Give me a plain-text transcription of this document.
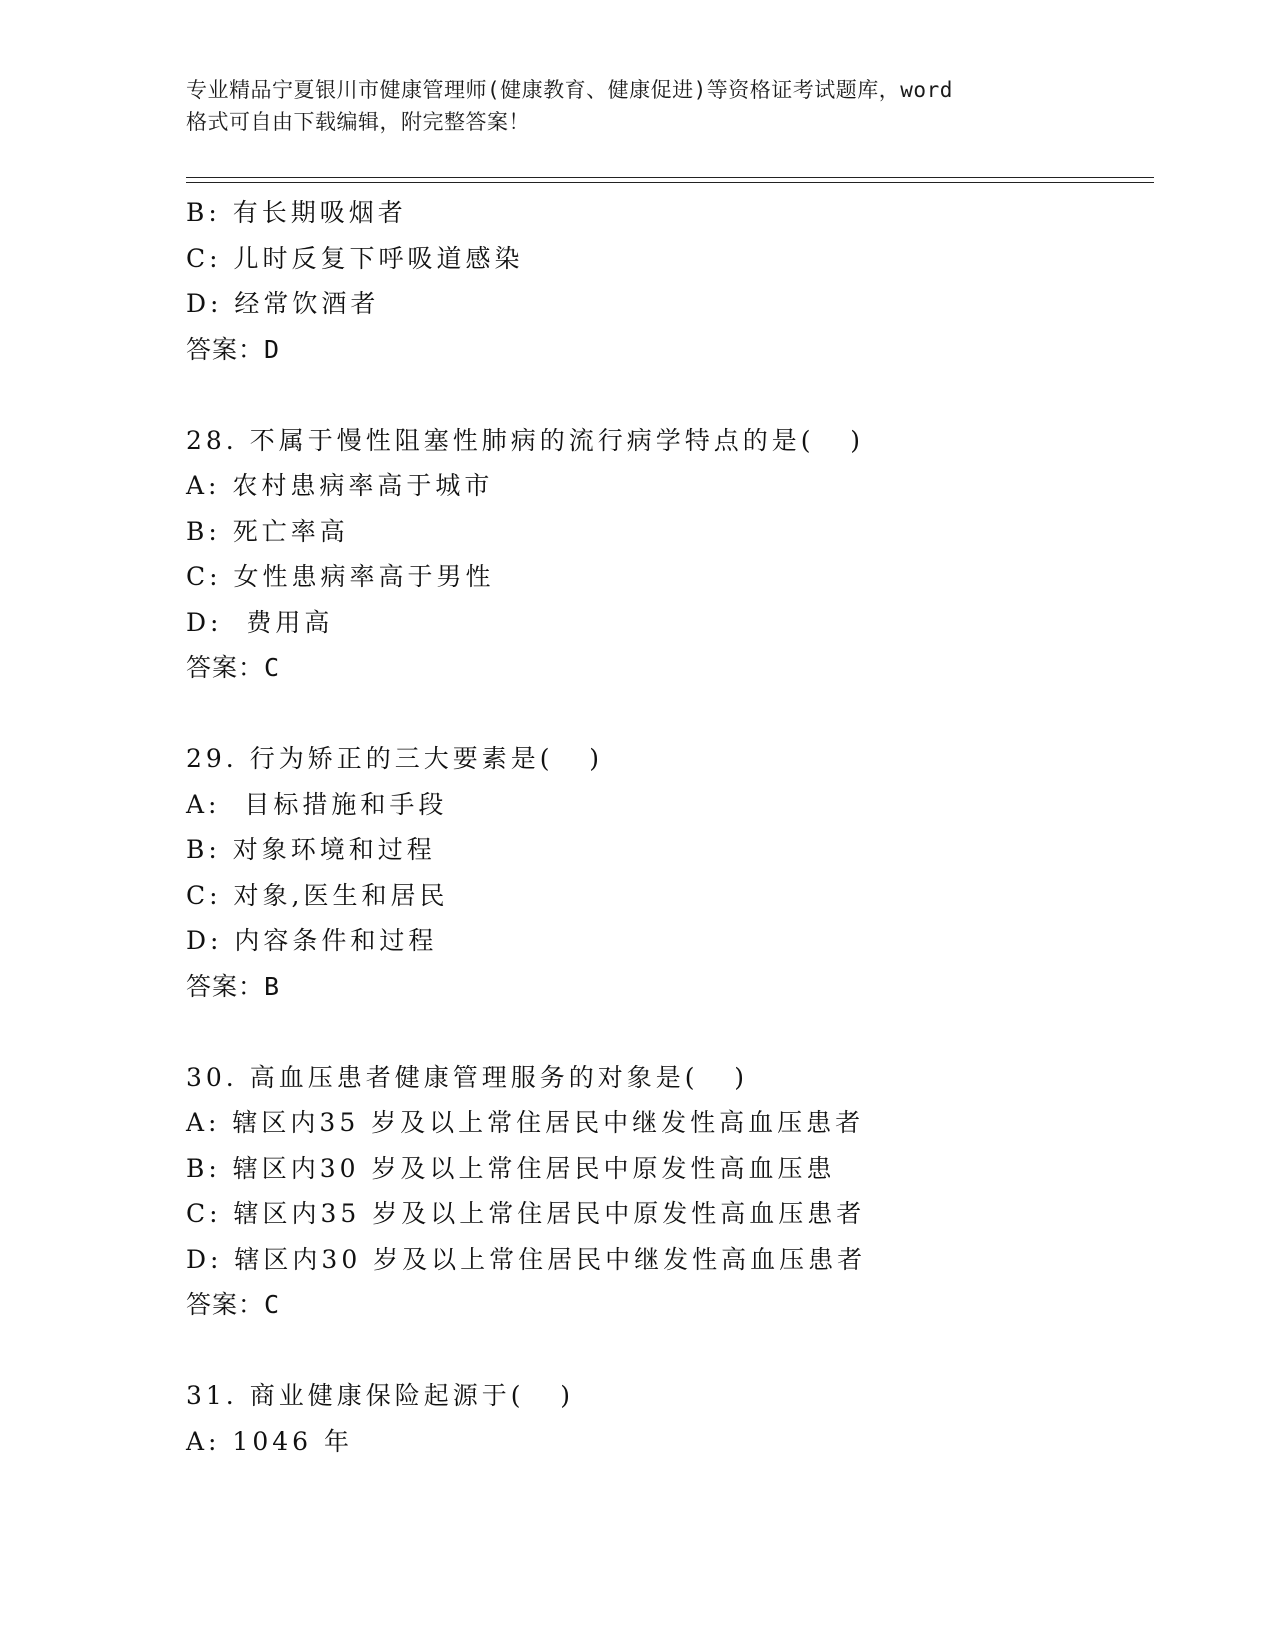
专业精品宁夏银川市健康管理师(健康教育、健康促进)等资格证考试题库，word
格式可自由下载编辑，附完整答案！
B: 有长期吸烟者
C: 儿时反复下呼吸道感染
D: 经常饮酒者
答案：D
28. 不属于慢性阻塞性肺病的流行病学特点的是(   )
A: 农村患病率高于城市
B: 死亡率高
C: 女性患病率高于男性
D:  费用高
答案：C
29. 行为矫正的三大要素是(   )
A:  目标措施和手段
B: 对象环境和过程
C: 对象,医生和居民
D: 内容条件和过程
答案：B
30. 高血压患者健康管理服务的对象是(   )
A: 辖区内35 岁及以上常住居民中继发性高血压患者
B: 辖区内30 岁及以上常住居民中原发性高血压患
C: 辖区内35 岁及以上常住居民中原发性高血压患者
D: 辖区内30 岁及以上常住居民中继发性高血压患者
答案：C
31. 商业健康保险起源于(   )
A: 1046 年
